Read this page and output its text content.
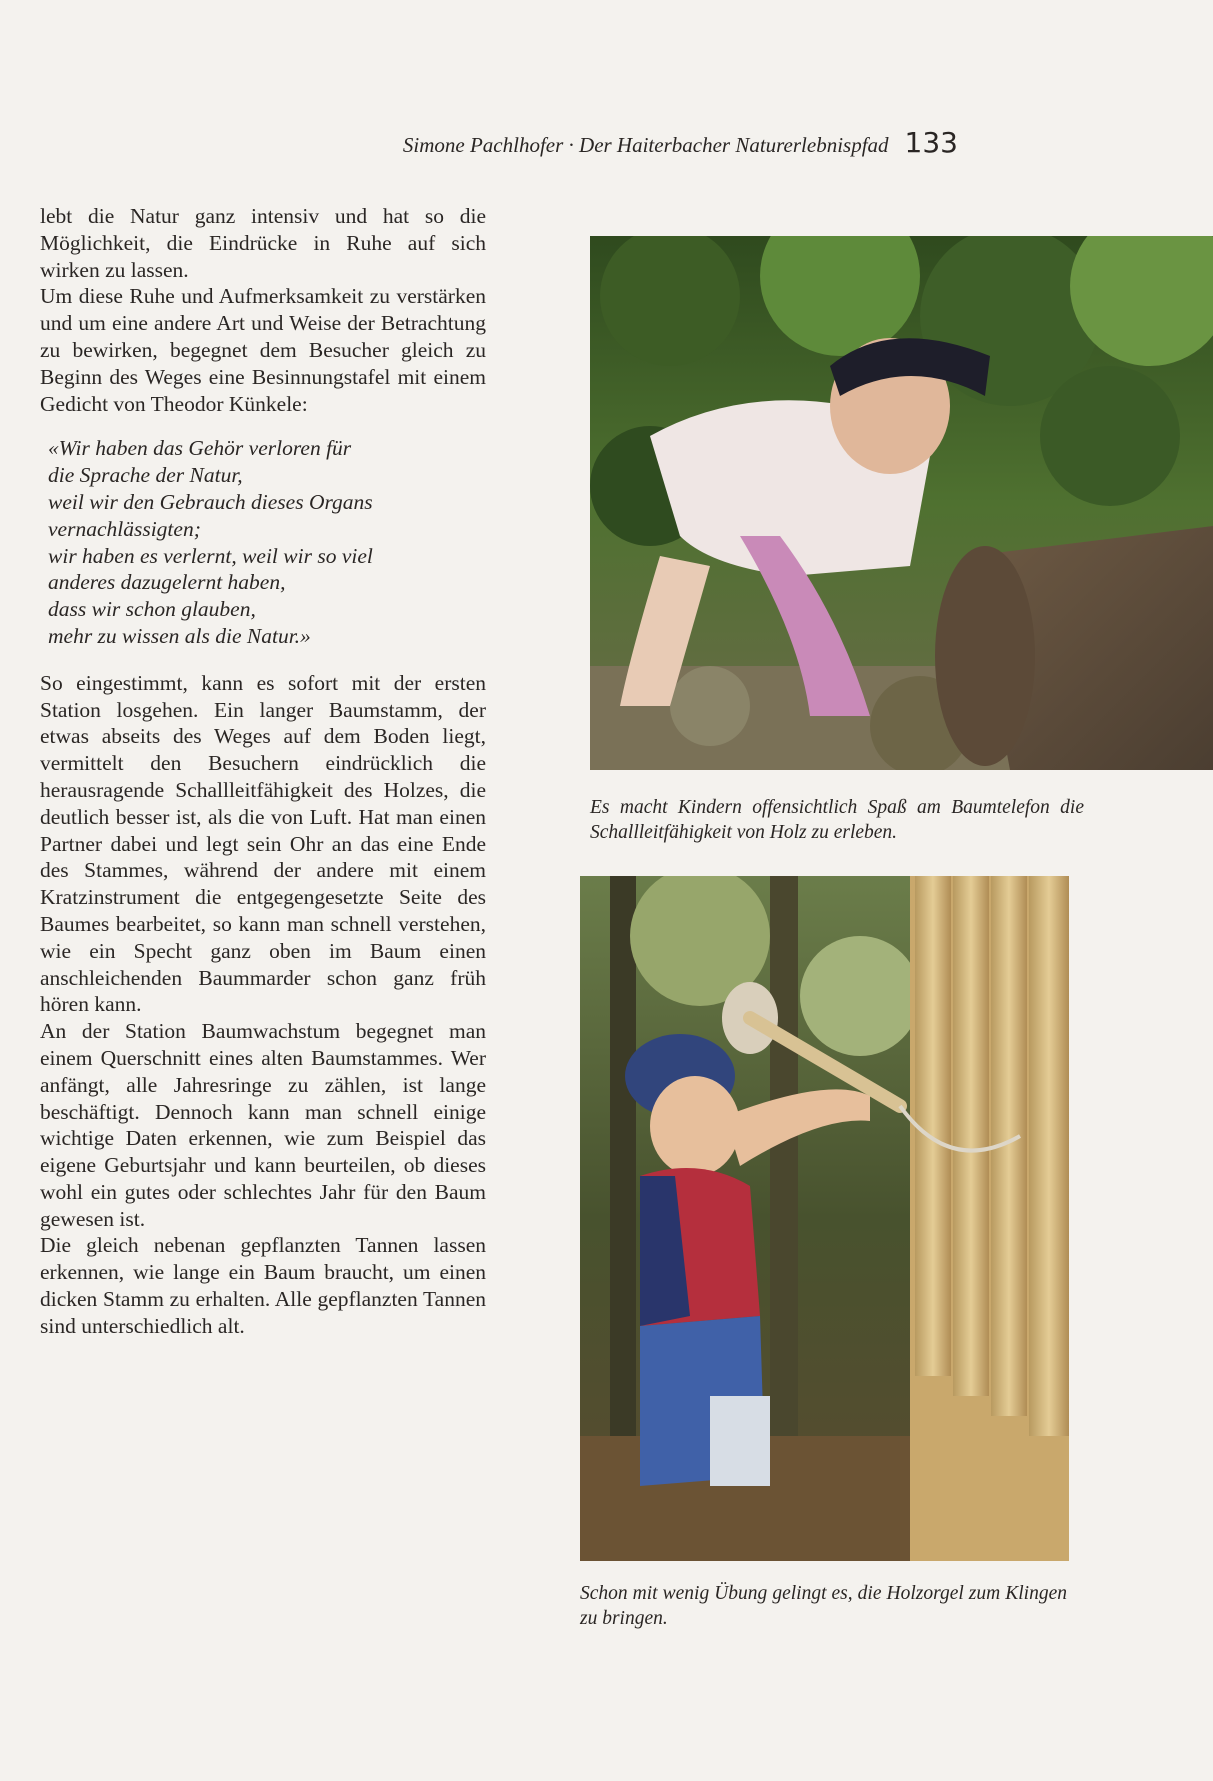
Simone Pachlhofer · Der Haiterbacher Naturerlebnispfad 133

lebt die Natur ganz intensiv und hat so die Möglichkeit, die Eindrücke in Ruhe auf sich wirken zu lassen.

Um diese Ruhe und Aufmerksamkeit zu verstärken und um eine andere Art und Weise der Betrachtung zu bewirken, begegnet dem Besucher gleich zu Beginn des Weges eine Besinnungstafel mit einem Gedicht von Theodor Künkele:

«Wir haben das Gehör verloren für
die Sprache der Natur,
weil wir den Gebrauch dieses Organs
vernachlässigten;
wir haben es verlernt, weil wir so viel
anderes dazugelernt haben,
dass wir schon glauben,
mehr zu wissen als die Natur.»

So eingestimmt, kann es sofort mit der ersten Station losgehen. Ein langer Baumstamm, der etwas abseits des Weges auf dem Boden liegt, vermittelt den Besuchern eindrücklich die herausragende Schallleitfähigkeit des Holzes, die deutlich besser ist, als die von Luft. Hat man einen Partner dabei und legt sein Ohr an das eine Ende des Stammes, während der andere mit einem Kratzinstrument die entgegengesetzte Seite des Baumes bearbeitet, so kann man schnell verstehen, wie ein Specht ganz oben im Baum einen anschleichenden Baummarder schon ganz früh hören kann.

An der Station Baumwachstum begegnet man einem Querschnitt eines alten Baumstammes. Wer anfängt, alle Jahresringe zu zählen, ist lange beschäftigt. Dennoch kann man schnell einige wichtige Daten erkennen, wie zum Beispiel das eigene Geburtsjahr und kann beurteilen, ob dieses wohl ein gutes oder schlechtes Jahr für den Baum gewesen ist.

Die gleich nebenan gepflanzten Tannen lassen erkennen, wie lange ein Baum braucht, um einen dicken Stamm zu erhalten. Alle gepflanzten Tannen sind unterschiedlich alt.

Es macht Kindern offensichtlich Spaß am Baumtelefon die Schallleitfähigkeit von Holz zu erleben.
Schon mit wenig Übung gelingt es, die Holzorgel zum Klingen zu bringen.
